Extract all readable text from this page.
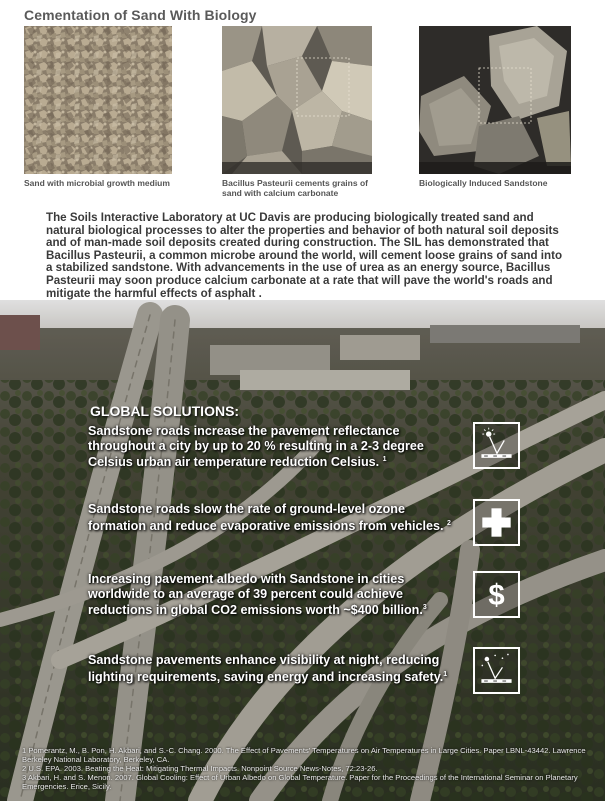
Cementation of Sand With Biology
Sand with microbial growth medium	Bacillus Pasteurii cements grains of sand with calcium carbonate
Biologically Induced Sandstone
The Soils Interactive Laboratory at UC Davis are producing biologically treated sand and natural biological processes to alter the properties and behavior of both natural soil deposits and of man-made soil deposits created during construction. The SIL has demonstrated that Bacillus Pasteurii, a common microbe around the world, will cement loose grains of sand into a stabilized sandstone. With advancements in the use of urea as an energy source, Bacillus Pasteurii may soon produce calcium carbonate at a rate that will pave the world's roads and mitigate the harmful effects of asphalt .
GLOBAL SOLUTIONS:
Sandstone roads increase the pavement reflectance throughout a city by up to 20 % resulting in a 2-3 degree Celsius urban air temperature reduction Celsius. $^1$
Sandstone roads slow the rate of ground-level ozone formation and reduce evaporative emissions from vehicles. $^2$
Increasing pavement albedo with Sandstone in cities worldwide to an average of 39 percent could achieve reductions in global CO2 emissions worth ~$400 billion.$^3$	$
Sandstone pavements enhance visibility at night, reducing lighting requirements, saving energy and increasing safety.$^1$
1 Pomerantz, M., B. Pon, H. Akbari, and S.-C. Chang. 2000. The Effect of Pavements' Temperatures on Air Temperatures in Large Cities. Paper LBNL-43442. Lawrence Berkeley National Laboratory, Berkeley, CA.
2 U.S. EPA. 2003. Beating the Heat: Mitigating Thermal Impacts. Nonpoint Source News-Notes, 72:23-26.
3 Akbari, H. and S. Menon. 2007. Global Cooling: Effect of Urban Albedo on Global Temperature. Paper for the Proceedings of the International Seminar on Planetary Emergencies. Erice, Sicily.
